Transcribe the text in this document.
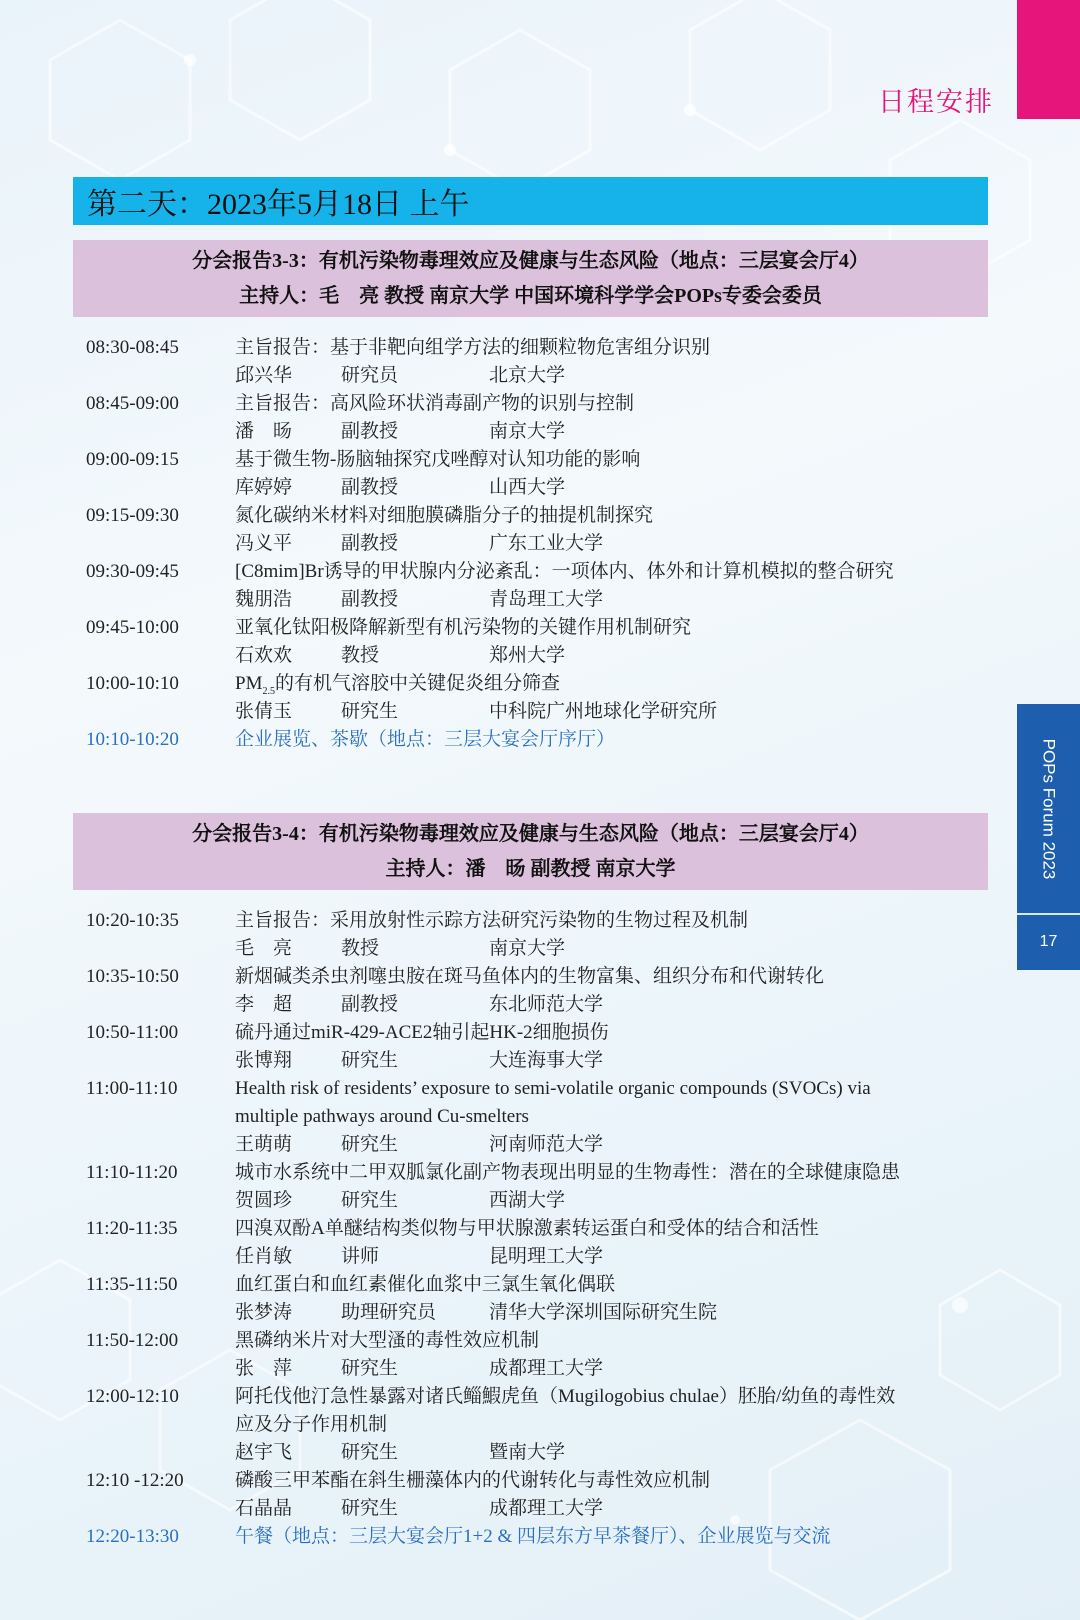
日程安排
POPs Forum 2023
17
第二天：2023年5月18日 上午
分会报告3-3：有机污染物毒理效应及健康与生态风险（地点：三层宴会厅4）
主持人：毛　亮 教授 南京大学 中国环境科学学会POPs专委会委员
08:30-08:45	主旨报告：基于非靶向组学方法的细颗粒物危害组分识别
邱兴华	研究员	北京大学
08:45-09:00	主旨报告：高风险环状消毒副产物的识别与控制
潘　旸	副教授	南京大学
09:00-09:15	基于微生物-肠脑轴探究戊唑醇对认知功能的影响
库婷婷	副教授	山西大学
09:15-09:30	氮化碳纳米材料对细胞膜磷脂分子的抽提机制探究
冯义平	副教授	广东工业大学
09:30-09:45	[C8mim]Br诱导的甲状腺内分泌紊乱：一项体内、体外和计算机模拟的整合研究
魏朋浩	副教授	青岛理工大学
09:45-10:00	亚氧化钛阳极降解新型有机污染物的关键作用机制研究
石欢欢	教授	郑州大学
10:00-10:10	$PM_{2.5}$的有机气溶胶中关键促炎组分筛查
张倩玉	研究生	中科院广州地球化学研究所
10:10-10:20	企业展览、茶歇（地点：三层大宴会厅序厅）
分会报告3-4：有机污染物毒理效应及健康与生态风险（地点：三层宴会厅4）
主持人：潘　旸 副教授 南京大学
10:20-10:35	主旨报告：采用放射性示踪方法研究污染物的生物过程及机制
毛　亮	教授	南京大学
10:35-10:50	新烟碱类杀虫剂噻虫胺在斑马鱼体内的生物富集、组织分布和代谢转化
李　超	副教授	东北师范大学
10:50-11:00	硫丹通过miR-429-ACE2轴引起HK-2细胞损伤
张博翔	研究生	大连海事大学
11:00-11:10	Health risk of residents’ exposure to semi-volatile organic compounds (SVOCs) via
multiple pathways around Cu-smelters
王萌萌	研究生	河南师范大学
11:10-11:20	城市水系统中二甲双胍氯化副产物表现出明显的生物毒性：潜在的全球健康隐患
贺圆珍	研究生	西湖大学
11:20-11:35	四溴双酚A单醚结构类似物与甲状腺激素转运蛋白和受体的结合和活性
任肖敏	讲师	昆明理工大学
11:35-11:50	血红蛋白和血红素催化血浆中三氯生氧化偶联
张梦涛	助理研究员	清华大学深圳国际研究生院
11:50-12:00	黑磷纳米片对大型溞的毒性效应机制
张　萍	研究生	成都理工大学
12:00-12:10	阿托伐他汀急性暴露对诸氏鲻鰕虎鱼（Mugilogobius chulae）胚胎/幼鱼的毒性效
应及分子作用机制
赵宇飞	研究生	暨南大学
12:10 -12:20	磷酸三甲苯酯在斜生栅藻体内的代谢转化与毒性效应机制
石晶晶	研究生	成都理工大学
12:20-13:30	午餐（地点：三层大宴会厅1+2 & 四层东方早茶餐厅）、企业展览与交流
